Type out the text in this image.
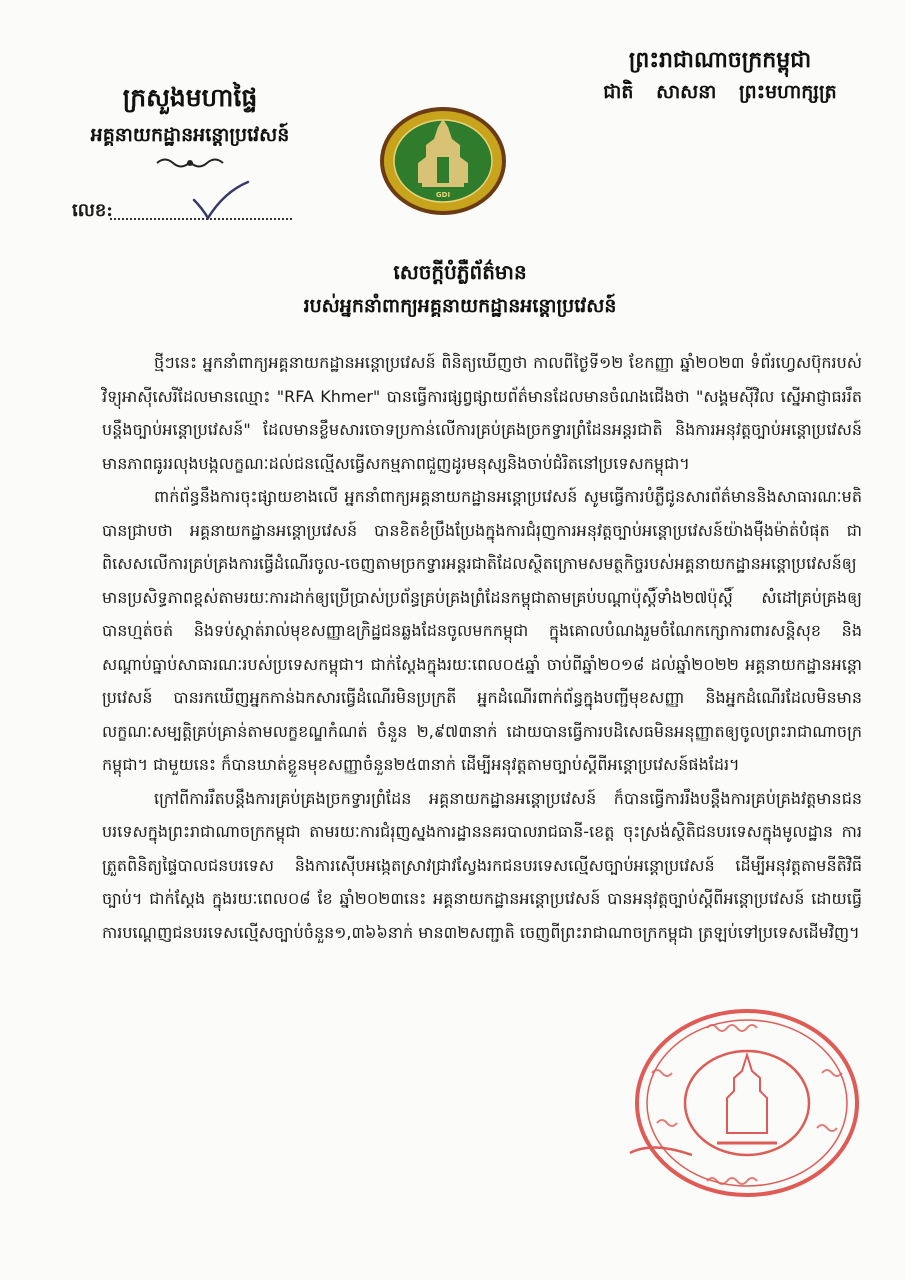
ក្រសួងមហាផ្ទៃ
អគ្គនាយកដ្ឋានអន្តោប្រវេសន៍
លេខ:
GDI
ព្រះរាជាណាចក្រកម្ពុជា
ជាតិ សាសនា ព្រះមហាក្សត្រ
សេចក្ដីបំភ្លឺព័ត៌មាន
របស់អ្នកនាំពាក្យអគ្គនាយកដ្ឋានអន្តោប្រវេសន៍

ថ្មីៗនេះ អ្នកនាំពាក្យអគ្គនាយកដ្ឋានអន្តោប្រវេសន៍ ពិនិត្យឃើញថា កាលពីថ្ងៃទី១២ ខែកញ្ញា ឆ្នាំ២០២៣ ទំព័រហ្វេសប៊ុករបស់វិទ្យុអាស៊ីសេរីដែលមានឈ្មោះ "RFA Khmer" បានធ្វើការផ្សព្វផ្សាយព័ត៌មានដែលមានចំណងជើងថា "សង្គមស៊ីវិល ស្នើអាជ្ញាធររឹតបន្តឹងច្បាប់អន្តោប្រវេសន៍" ដែលមានខ្លឹមសារចោទប្រកាន់លើការគ្រប់គ្រងច្រកទ្វារព្រំដែនអន្តរជាតិ និងការអនុវត្តច្បាប់អន្តោប្រវេសន៍ មានភាពធូររលុងបង្កលក្ខណៈដល់ជនល្មើសធ្វើសកម្មភាពជួញដូរមនុស្សនិងចាប់ជំរិតនៅប្រទេសកម្ពុជា។

ពាក់ព័ន្ធនឹងការចុះផ្សាយខាងលើ អ្នកនាំពាក្យអគ្គនាយកដ្ឋានអន្តោប្រវេសន៍ សូមធ្វើការបំភ្លឺជូនសារព័ត៌មាននិងសាធារណៈមតិ បានជ្រាបថា អគ្គនាយកដ្ឋានអន្តោប្រវេសន៍ បានខិតខំប្រឹងប្រែងក្នុងការជំរុញការអនុវត្តច្បាប់អន្តោប្រវេសន៍យ៉ាងម៉ឺងម៉ាត់បំផុត ជាពិសេសលើការគ្រប់គ្រងការធ្វើដំណើរចូល-ចេញតាមច្រកទ្វារអន្តរជាតិដែលស្ថិតក្រោមសមត្ថកិច្ចរបស់អគ្គនាយកដ្ឋានអន្តោប្រវេសន៍ឲ្យមានប្រសិទ្ធភាពខ្ពស់តាមរយៈការដាក់ឲ្យប្រើប្រាស់ប្រព័ន្ធគ្រប់គ្រងព្រំដែនកម្ពុជាតាមគ្រប់បណ្ដាប៉ុស្តិ៍ទាំង២៧ប៉ុស្តិ៍ សំដៅគ្រប់គ្រងឲ្យបានហ្មត់ចត់ និងទប់ស្កាត់រាល់មុខសញ្ញាឧក្រិដ្ឋជនឆ្លងដែនចូលមកកម្ពុជា ក្នុងគោលបំណងរួមចំណែកក្សោការពារសន្តិសុខ និងសណ្ដាប់ធ្នាប់សាធារណៈរបស់ប្រទេសកម្ពុជា។ ជាក់ស្ដែងក្នុងរយៈពេល០៥ឆ្នាំ ចាប់ពីឆ្នាំ២០១៨ ដល់ឆ្នាំ២០២២ អគ្គនាយកដ្ឋានអន្តោប្រវេសន៍ បានរកឃើញអ្នកកាន់ឯកសារធ្វើដំណើរមិនប្រក្រតី អ្នកដំណើរពាក់ព័ន្ធក្នុងបញ្ជីមុខសញ្ញា និងអ្នកដំណើរដែលមិនមានលក្ខណៈសម្បត្តិគ្រប់គ្រាន់តាមលក្ខខណ្ឌកំណត់ ចំនួន ២,៩៧៣នាក់ ដោយបានធ្វើការបដិសេធមិនអនុញ្ញាតឲ្យចូលព្រះរាជាណាចក្រកម្ពុជា។ ជាមួយនេះ ក៏បានឃាត់ខ្លួនមុខសញ្ញាចំនួន២៥៣នាក់ ដើម្បីអនុវត្តតាមច្បាប់ស្ដីពីអន្តោប្រវេសន៍ផងដែរ។

ក្រៅពីការរឹតបន្តឹងការគ្រប់គ្រងច្រកទ្វារព្រំដែន អគ្គនាយកដ្ឋានអន្តោប្រវេសន៍ ក៏បានធ្វើការរឹងបន្តឹងការគ្រប់គ្រងវត្តមានជនបរទេសក្នុងព្រះរាជាណាចក្រកម្ពុជា តាមរយៈការជំរុញស្នងការដ្ឋាននគរបាលរាជធានី-ខេត្ត ចុះស្រង់ស្ថិតិជនបរទេសក្នុងមូលដ្ឋាន ការត្រួតពិនិត្យផ្ទៃបាលជនបរទេស និងការស៊ើបអង្កេតស្រាវជ្រាវស្វែងរកជនបរទេសល្មើសច្បាប់អន្តោប្រវេសន៍ ដើម្បីអនុវត្តតាមនីតិវិធីច្បាប់។ ជាក់ស្ដែង ក្នុងរយៈពេល០៨ ខែ ឆ្នាំ២០២៣នេះ អគ្គនាយកដ្ឋានអន្តោប្រវេសន៍ បានអនុវត្តច្បាប់ស្ដីពីអន្តោប្រវេសន៍ ដោយធ្វើការបណ្ដេញជនបរទេសល្មើសច្បាប់ចំនួន១,៣៦៦នាក់ មាន៣២សញ្ជាតិ ចេញពីព្រះរាជាណាចក្រកម្ពុជា ត្រឡប់ទៅប្រទេសដើមវិញ។
